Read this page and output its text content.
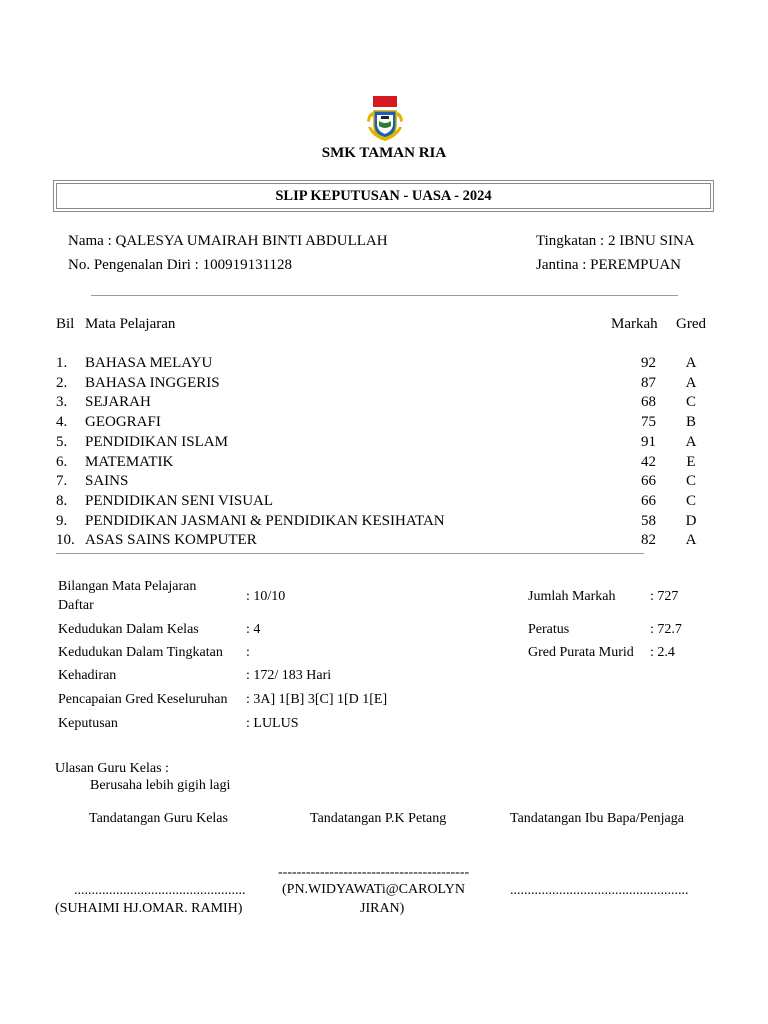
SMK TAMAN RIA
SLIP KEPUTUSAN - UASA - 2024
Nama : QALESYA UMAIRAH BINTI ABDULLAH
No. Pengenalan Diri : 100919131128
Tingkatan : 2 IBNU SINA
Jantina : PEREMPUAN
Bil Mata Pelajaran	Markah Gred
1. BAHASA MELAYU	92	A
2. BAHASA INGGERIS	87	A
3. SEJARAH	68	C
4. GEOGRAFI	75	B
5. PENDIDIKAN ISLAM	91	A
6. MATEMATIK	42	E
7. SAINS	66	C
8. PENDIDIKAN SENI VISUAL	66	C
9. PENDIDIKAN JASMANI & PENDIDIKAN KESIHATAN	58	D
10. ASAS SAINS KOMPUTER	82	A
Bilangan Mata Pelajaran
Daftar
: 10/10
Kedudukan Dalam Kelas	: 4
Kedudukan Dalam Tingkatan :
Kehadiran	: 172/ 183 Hari
Pencapaian Gred Keseluruhan : 3A] 1[B] 3[C] 1[D 1[E]
Keputusan	: LULUS
Jumlah Markah : 727
Peratus	: 72.7
Gred Purata Murid : 2.4
Ulasan Guru Kelas :
Berusaha lebih gigih lagi
Tandatangan Guru Kelas	Tandatangan P.K Petang	Tandatangan Ibu Bapa/Penjaga
-----------------------------------------
.................................................	(PN.WIDYAWATi@CAROLYN	...................................................
(SUHAIMI HJ.OMAR. RAMIH)	JIRAN)
